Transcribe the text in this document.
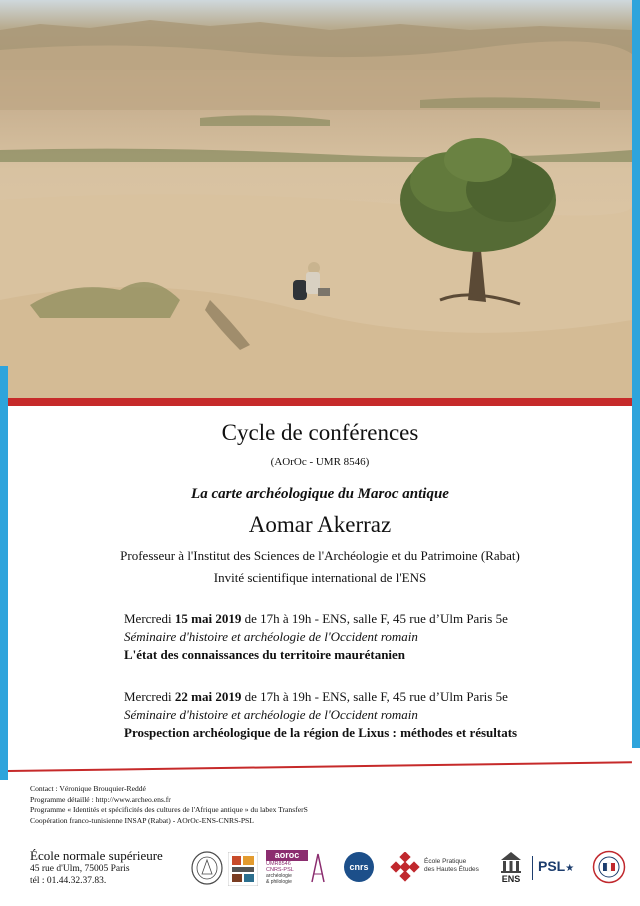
Cycle de conférences
(AOrOc - UMR 8546)
La carte archéologique du Maroc antique
Aomar Akerraz
Professeur à l'Institut des Sciences de l'Archéologie et du Patrimoine (Rabat)
Invité scientifique international de l'ENS
Mercredi 15 mai 2019 de 17h à 19h - ENS, salle F, 45 rue d’Ulm Paris 5e
Séminaire d'histoire et archéologie de l'Occident romain
L'état des connaissances du territoire maurétanien
Mercredi 22 mai 2019 de 17h à 19h - ENS, salle F, 45 rue d’Ulm Paris 5e
Séminaire d'histoire et archéologie de l'Occident romain
Prospection archéologique de la région de Lixus : méthodes et résultats
Contact : Véronique Brouquier-Reddé
Programme détaillé : http://www.archeo.ens.fr
Programme « Identités et spécificités des cultures de l'Afrique antique » du labex TransferS
Coopération franco-tunisienne INSAP (Rabat) - AOrOc-ENS-CNRS-PSL
École normale supérieure
45 rue d'Ulm, 75005 Paris
tél : 01.44.32.37.83.
aoroc
UMR8546
CNRS-PSL
archéologie
& philologie
cnrs
École Pratique
des Hautes Études
ENS
PSL★
